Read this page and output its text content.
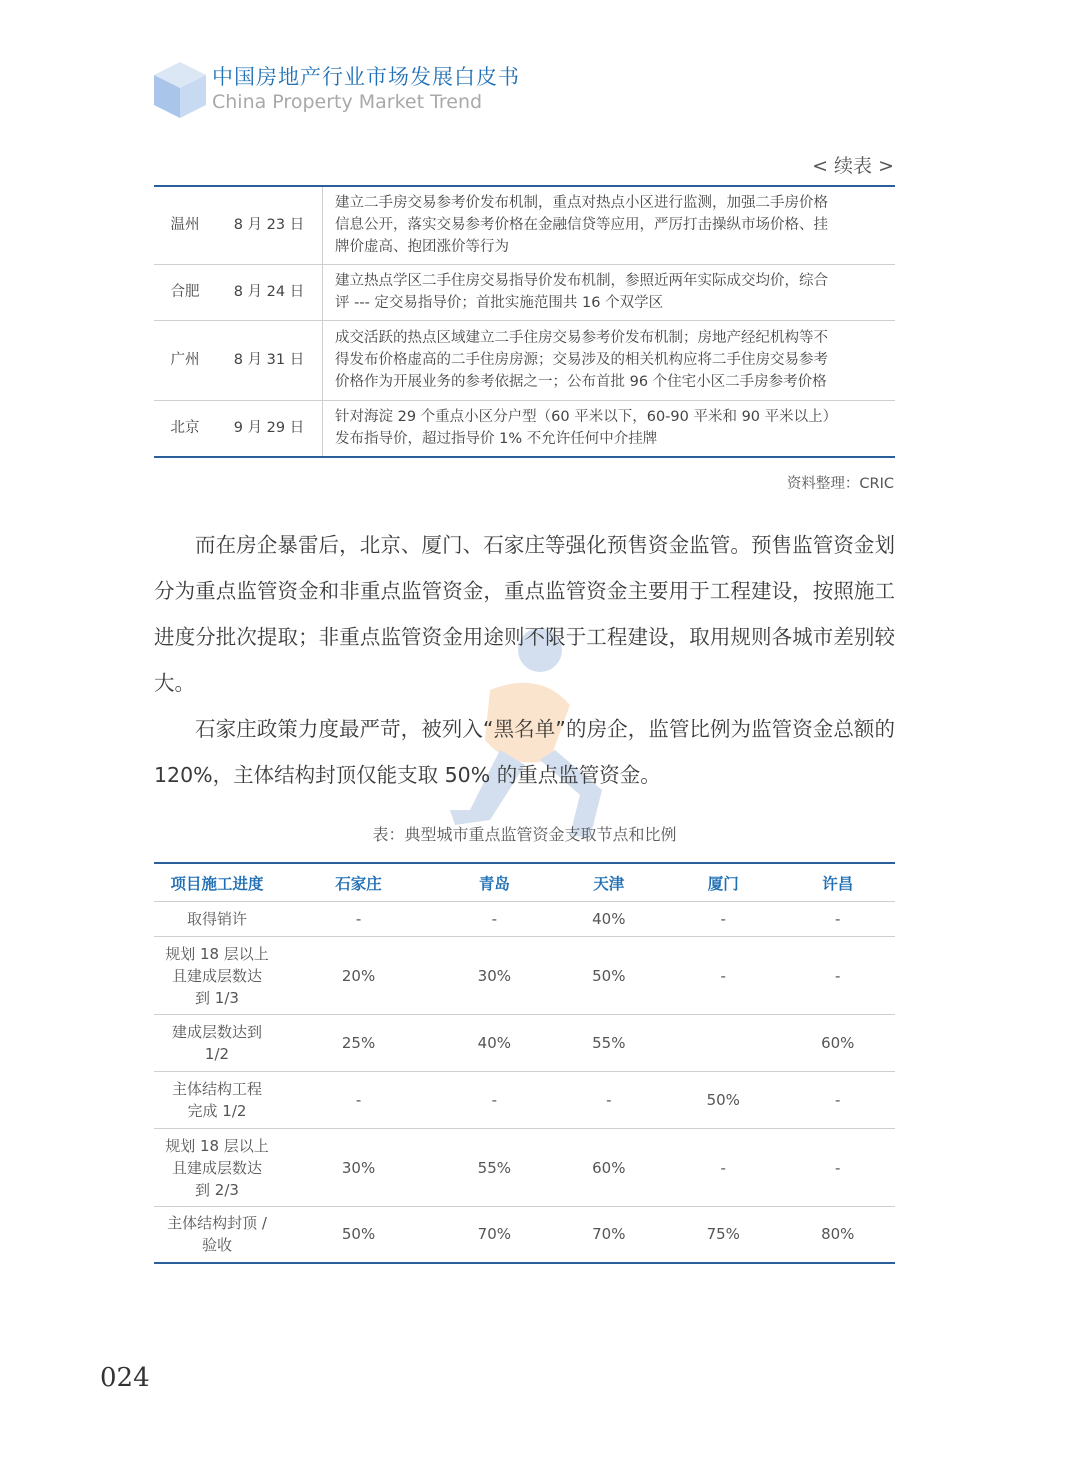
中国房地产行业市场发展白皮书
China Property Market Trend
< 续表 >
温州	8 月 23 日	建立二手房交易参考价发布机制，重点对热点小区进行监测，加强二手房价格
信息公开，落实交易参考价格在金融信贷等应用，严厉打击操纵市场价格、挂
牌价虚高、抱团涨价等行为

合肥	8 月 24 日	建立热点学区二手住房交易指导价发布机制，参照近两年实际成交均价，综合
评 --- 定交易指导价；首批实施范围共 16 个双学区

广州	8 月 31 日	成交活跃的热点区域建立二手住房交易参考价发布机制；房地产经纪机构等不
得发布价格虚高的二手住房房源；交易涉及的相关机构应将二手住房交易参考
价格作为开展业务的参考依据之一；公布首批 96 个住宅小区二手房参考价格

北京	9 月 29 日	针对海淀 29 个重点小区分户型（60 平米以下，60-90 平米和 90 平米以上）
发布指导价，超过指导价 1% 不允许任何中介挂牌
资料整理：CRIC

而在房企暴雷后，北京、厦门、石家庄等强化预售资金监管。预售监管资金划分为重点监管资金和非重点监管资金，重点监管资金主要用于工程建设，按照施工进度分批次提取；非重点监管资金用途则不限于工程建设，取用规则各城市差别较大。

石家庄政策力度最严苛，被列入“黑名单”的房企，监管比例为监管资金总额的 120%，主体结构封顶仅能支取 50% 的重点监管资金。

表：典型城市重点监管资金支取节点和比例
项目施工进度	石家庄	青岛	天津	厦门	许昌

取得销许	-	-	40%	-	-

规划 18 层以上
且建成层数达
到 1/3	20%	30%	50%	-	-

建成层数达到
1/2	25%	40%	55%		60%

主体结构工程
完成 1/2	-	-	-	50%	-

规划 18 层以上
且建成层数达
到 2/3	30%	55%	60%	-	-

主体结构封顶 /
验收	50%	70%	70%	75%	80%
024
